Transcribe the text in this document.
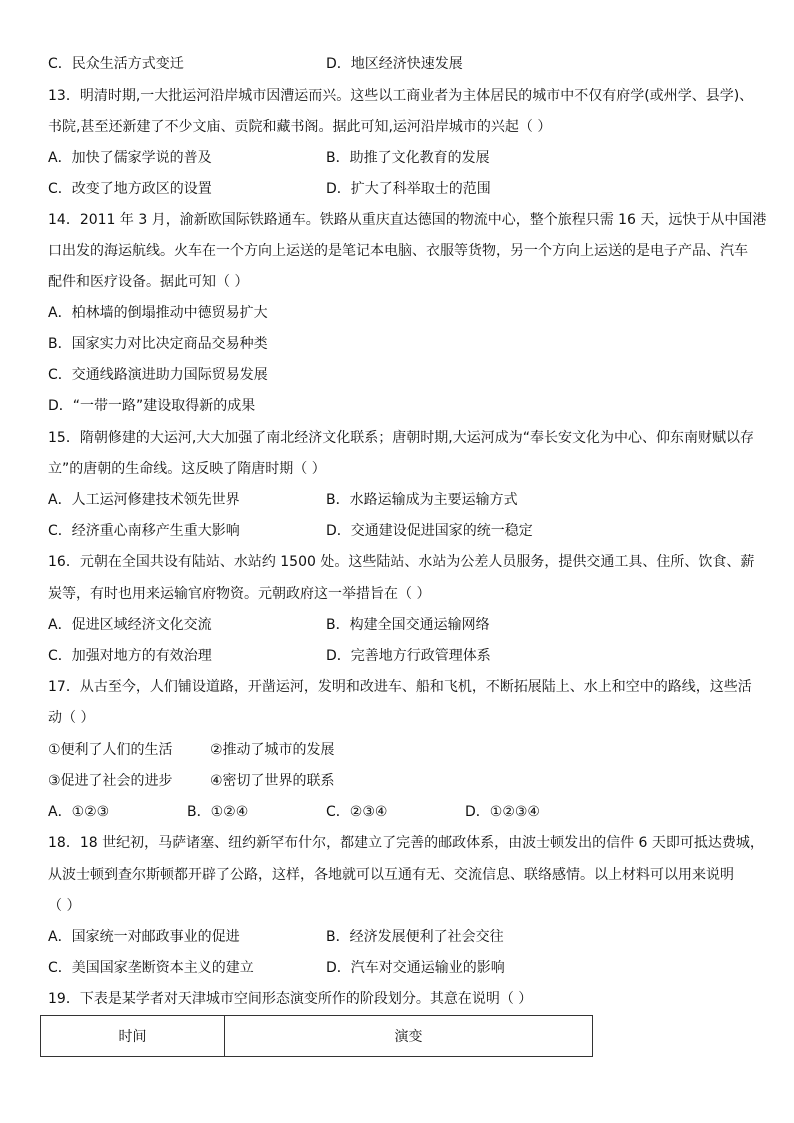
C．民众生活方式变迁	D．地区经济快速发展
13．明清时期,一大批运河沿岸城市因漕运而兴。这些以工商业者为主体居民的城市中不仅有府学(或州学、县学)、
书院,甚至还新建了不少文庙、贡院和藏书阁。据此可知,运河沿岸城市的兴起（ ）
A．加快了儒家学说的普及	B．助推了文化教育的发展
C．改变了地方政区的设置	D．扩大了科举取士的范围
14．2011 年 3 月，渝新欧国际铁路通车。铁路从重庆直达德国的物流中心，整个旅程只需 16 天，远快于从中国港
口出发的海运航线。火车在一个方向上运送的是笔记本电脑、衣服等货物，另一个方向上运送的是电子产品、汽车
配件和医疗设备。据此可知（ ）
A．柏林墙的倒塌推动中德贸易扩大
B．国家实力对比决定商品交易种类
C．交通线路演进助力国际贸易发展
D．“一带一路”建设取得新的成果
15．隋朝修建的大运河,大大加强了南北经济文化联系；唐朝时期,大运河成为“奉长安文化为中心、仰东南财赋以存
立”的唐朝的生命线。这反映了隋唐时期（ ）
A．人工运河修建技术领先世界	B．水路运输成为主要运输方式
C．经济重心南移产生重大影响	D．交通建设促进国家的统一稳定
16．元朝在全国共设有陆站、水站约 1500 处。这些陆站、水站为公差人员服务，提供交通工具、住所、饮食、薪
炭等，有时也用来运输官府物资。元朝政府这一举措旨在（ ）
A．促进区域经济文化交流	B．构建全国交通运输网络
C．加强对地方的有效治理	D．完善地方行政管理体系
17．从古至今，人们铺设道路，开凿运河，发明和改进车、船和飞机，不断拓展陆上、水上和空中的路线，这些活
动（ ）
①便利了人们的生活	②推动了城市的发展
③促进了社会的进步	④密切了世界的联系
A．①②③	B．①②④	C．②③④	D．①②③④
18．18 世纪初，马萨诸塞、纽约新罕布什尔，都建立了完善的邮政体系，由波士顿发出的信件 6 天即可抵达费城，
从波士顿到查尔斯顿都开辟了公路，这样，各地就可以互通有无、交流信息、联络感情。以上材料可以用来说明
（ ）
A．国家统一对邮政事业的促进	B．经济发展便利了社会交往
C．美国国家垄断资本主义的建立	D．汽车对交通运输业的影响
19．下表是某学者对天津城市空间形态演变所作的阶段划分。其意在说明（ ）
时间	演变
